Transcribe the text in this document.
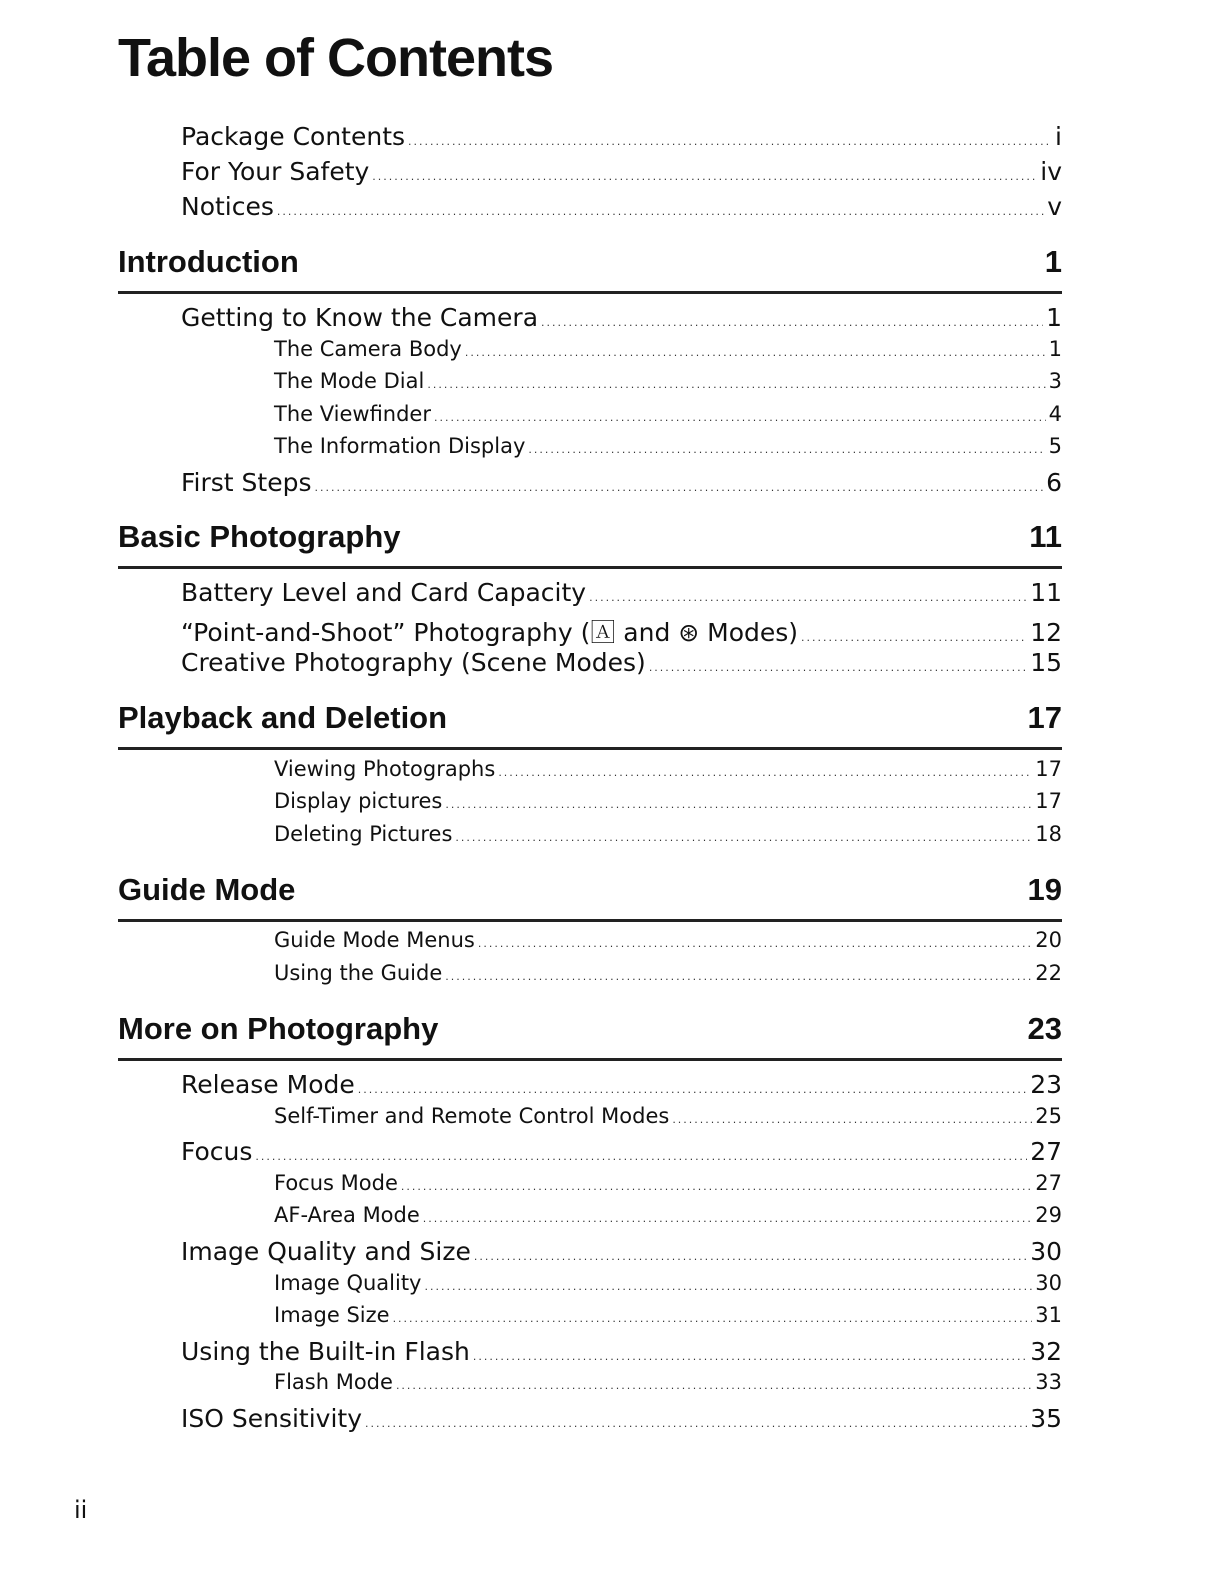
Table of Contents
Package Contents .....	i
For Your Safety .....	iv
Notices .....	v
Introduction	1
Getting to Know the Camera .....	1
The Camera Body .....	1
The Mode Dial .....	3
The Viewfinder .....	4
The Information Display .....	5
First Steps .....	6
Basic Photography	11
Battery Level and Card Capacity .....	11
“Point-and-Shoot” Photography (🄰 and ⊛ Modes) .....	12
Creative Photography (Scene Modes) .....	15
Playback and Deletion	17
Viewing Photographs .....	17
Display pictures .....	17
Deleting Pictures .....	18
Guide Mode	19
Guide Mode Menus .....	20
Using the Guide .....	22
More on Photography	23
Release Mode .....	23
Self-Timer and Remote Control Modes .....	25
Focus .....	27
Focus Mode .....	27
AF-Area Mode .....	29
Image Quality and Size .....	30
Image Quality .....	30
Image Size .....	31
Using the Built-in Flash .....	32
Flash Mode .....	33
ISO Sensitivity .....	35
ii
